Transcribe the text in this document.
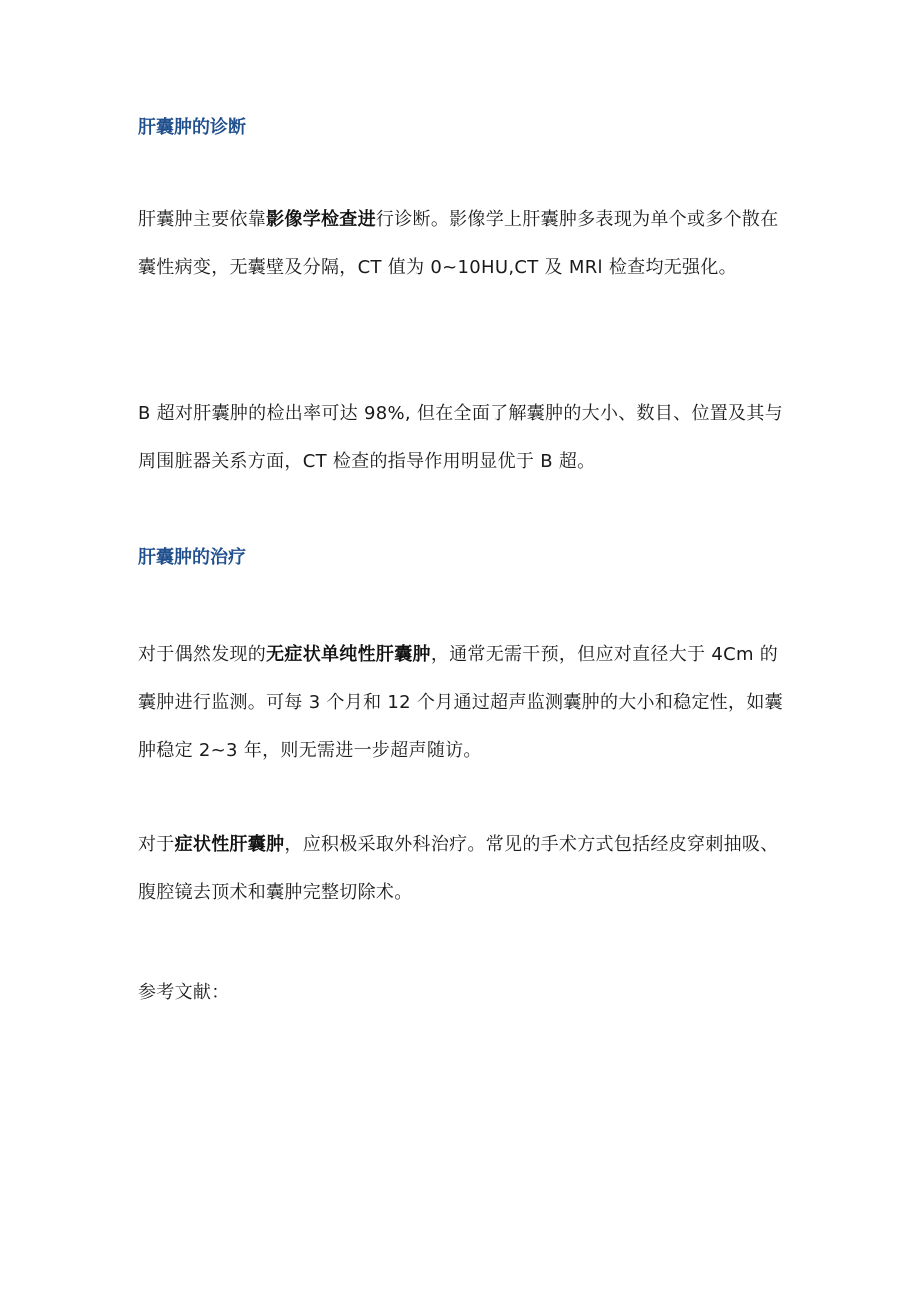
肝囊肿的诊断
肝囊肿主要依靠影像学检查进行诊断。影像学上肝囊肿多表现为单个或多个散在囊性病变，无囊壁及分隔，CT 值为 0~10HU,CT 及 MRl 检查均无强化。
B 超对肝囊肿的检出率可达 98%, 但在全面了解囊肿的大小、数目、位置及其与周围脏器关系方面，CT 检查的指导作用明显优于 B 超。
肝囊肿的治疗
对于偶然发现的无症状单纯性肝囊肿，通常无需干预，但应对直径大于 4Cm 的囊肿进行监测。可每 3 个月和 12 个月通过超声监测囊肿的大小和稳定性，如囊肿稳定 2~3 年，则无需进一步超声随访。
对于症状性肝囊肿，应积极采取外科治疗。常见的手术方式包括经皮穿刺抽吸、腹腔镜去顶术和囊肿完整切除术。
参考文献：
